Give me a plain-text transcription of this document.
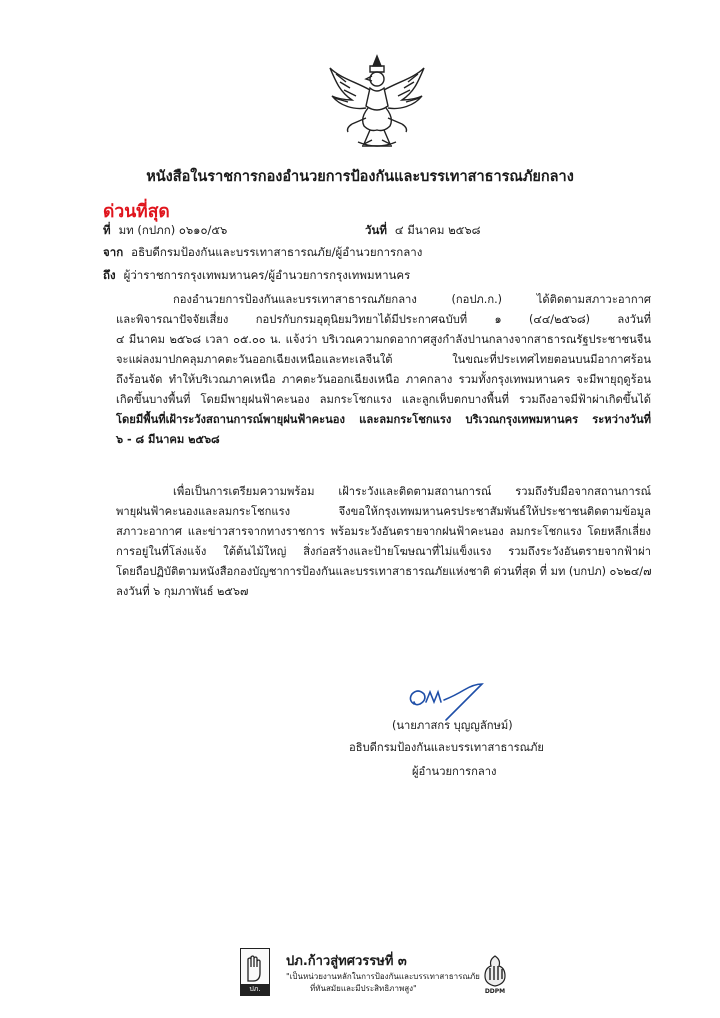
หนังสือในราชการกองอำนวยการป้องกันและบรรเทาสาธารณภัยกลาง
ด่วนที่สุด
ที่ มท (กปภก) ๐๖๑๐/๕๖	วันที่ ๔ มีนาคม ๒๕๖๘
จาก อธิบดีกรมป้องกันและบรรเทาสาธารณภัย/ผู้อำนวยการกลาง
ถึง ผู้ว่าราชการกรุงเทพมหานคร/ผู้อำนวยการกรุงเทพมหานคร
กองอำนวยการป้องกันและบรรเทาสาธารณภัยกลาง (กอปภ.ก.) ได้ติดตามสภาวะอากาศ
และพิจารณาปัจจัยเสี่ยง กอปรกับกรมอุตุนิยมวิทยาได้มีประกาศฉบับที่ ๑ (๔๔/๒๕๖๘) ลงวันที่
๔ มีนาคม ๒๕๖๘ เวลา ๐๕.๐๐ น. แจ้งว่า บริเวณความกดอากาศสูงกำลังปานกลางจากสาธารณรัฐประชาชนจีน
จะแผ่ลงมาปกคลุมภาคตะวันออกเฉียงเหนือและทะเลจีนใต้ ในขณะที่ประเทศไทยตอนบนมีอากาศร้อน
ถึงร้อนจัด ทำให้บริเวณภาคเหนือ ภาคตะวันออกเฉียงเหนือ ภาคกลาง รวมทั้งกรุงเทพมหานคร จะมีพายุฤดูร้อน
เกิดขึ้นบางพื้นที่ โดยมีพายุฝนฟ้าคะนอง ลมกระโชกแรง และลูกเห็บตกบางพื้นที่ รวมถึงอาจมีฟ้าผ่าเกิดขึ้นได้
โดยมีพื้นที่เฝ้าระวังสถานการณ์พายุฝนฟ้าคะนอง และลมกระโชกแรง บริเวณกรุงเทพมหานคร ระหว่างวันที่
๖ - ๘ มีนาคม ๒๕๖๘
เพื่อเป็นการเตรียมความพร้อม เฝ้าระวังและติดตามสถานการณ์ รวมถึงรับมือจากสถานการณ์
พายุฝนฟ้าคะนองและลมกระโชกแรง จึงขอให้กรุงเทพมหานครประชาสัมพันธ์ให้ประชาชนติดตามข้อมูล
สภาวะอากาศ และข่าวสารจากทางราชการ พร้อมระวังอันตรายจากฝนฟ้าคะนอง ลมกระโชกแรง โดยหลีกเลี่ยง
การอยู่ในที่โล่งแจ้ง ใต้ต้นไม้ใหญ่ สิ่งก่อสร้างและป้ายโฆษณาที่ไม่แข็งแรง รวมถึงระวังอันตรายจากฟ้าผ่า
โดยถือปฏิบัติตามหนังสือกองบัญชาการป้องกันและบรรเทาสาธารณภัยแห่งชาติ ด่วนที่สุด ที่ มท (บกปภ) ๐๖๒๔/๗
ลงวันที่ ๖ กุมภาพันธ์ ๒๕๖๗
(นายภาสกร บุญญลักษม์)
อธิบดีกรมป้องกันและบรรเทาสาธารณภัย
ผู้อำนวยการกลาง
ปภ.
ปภ.ก้าวสู่ทศวรรษที่ ๓
"เป็นหน่วยงานหลักในการป้องกันและบรรเทาสาธารณภัย
ที่ทันสมัยและมีประสิทธิภาพสูง"	DDPM
